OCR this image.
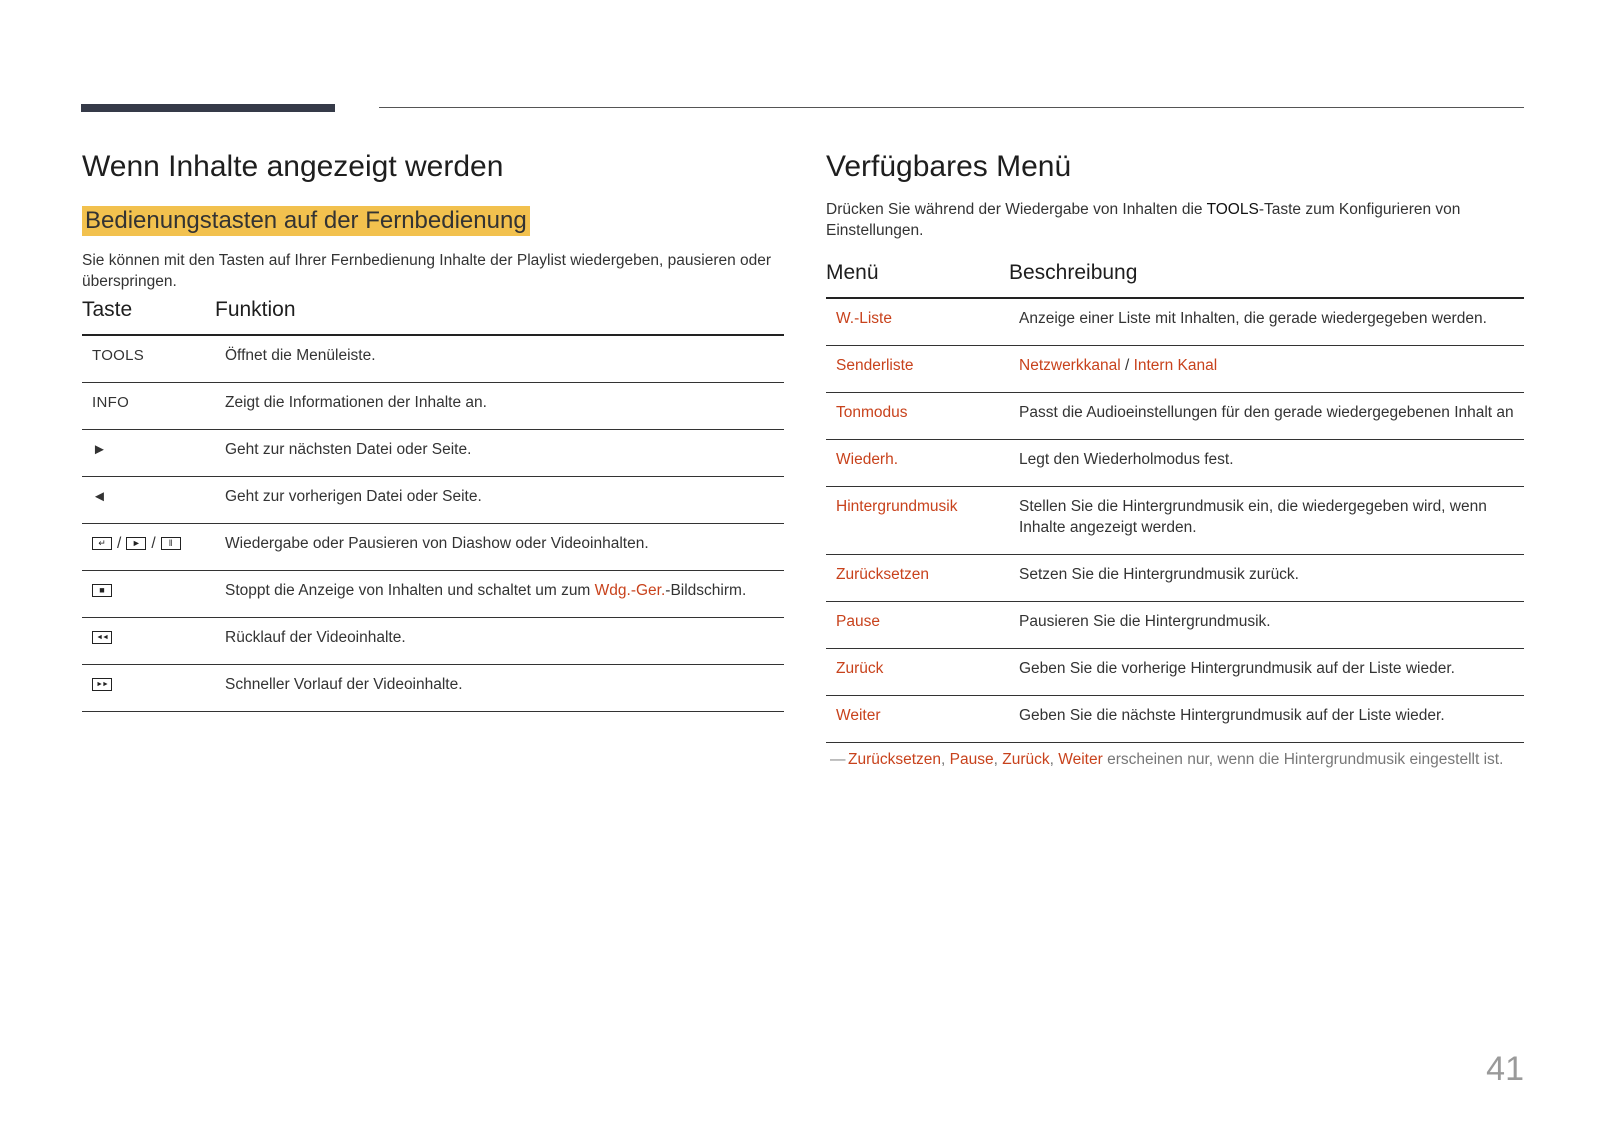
Wenn Inhalte angezeigt werden
Bedienungstasten auf der Fernbedienung

Sie können mit den Tasten auf Ihrer Fernbedienung Inhalte der Playlist wiedergeben, pausieren oder überspringen.

Taste	Funktion
TOOLS	Öffnet die Menüleiste.
INFO	Zeigt die Informationen der Inhalte an.
►	Geht zur nächsten Datei oder Seite.
◄	Geht zur vorherigen Datei oder Seite.
↵ / ► / ǁ	Wiedergabe oder Pausieren von Diashow oder Videoinhalten.
■	Stoppt die Anzeige von Inhalten und schaltet um zum Wdg.-Ger.-Bildschirm.
◄◄	Rücklauf der Videoinhalte.
►►	Schneller Vorlauf der Videoinhalte.
Verfügbares Menü

Drücken Sie während der Wiedergabe von Inhalten die TOOLS-Taste zum Konfigurieren von Einstellungen.

Menü	Beschreibung
W.-Liste	Anzeige einer Liste mit Inhalten, die gerade wiedergegeben werden.
Senderliste	Netzwerkkanal / Intern Kanal
Tonmodus	Passt die Audioeinstellungen für den gerade wiedergegebenen Inhalt an
Wiederh.	Legt den Wiederholmodus fest.
Hintergrundmusik	Stellen Sie die Hintergrundmusik ein, die wiedergegeben wird, wenn Inhalte angezeigt werden.
Zurücksetzen	Setzen Sie die Hintergrundmusik zurück.
Pause	Pausieren Sie die Hintergrundmusik.
Zurück	Geben Sie die vorherige Hintergrundmusik auf der Liste wieder.
Weiter	Geben Sie die nächste Hintergrundmusik auf der Liste wieder.
— Zurücksetzen, Pause, Zurück, Weiter erscheinen nur, wenn die Hintergrundmusik eingestellt ist.
41
